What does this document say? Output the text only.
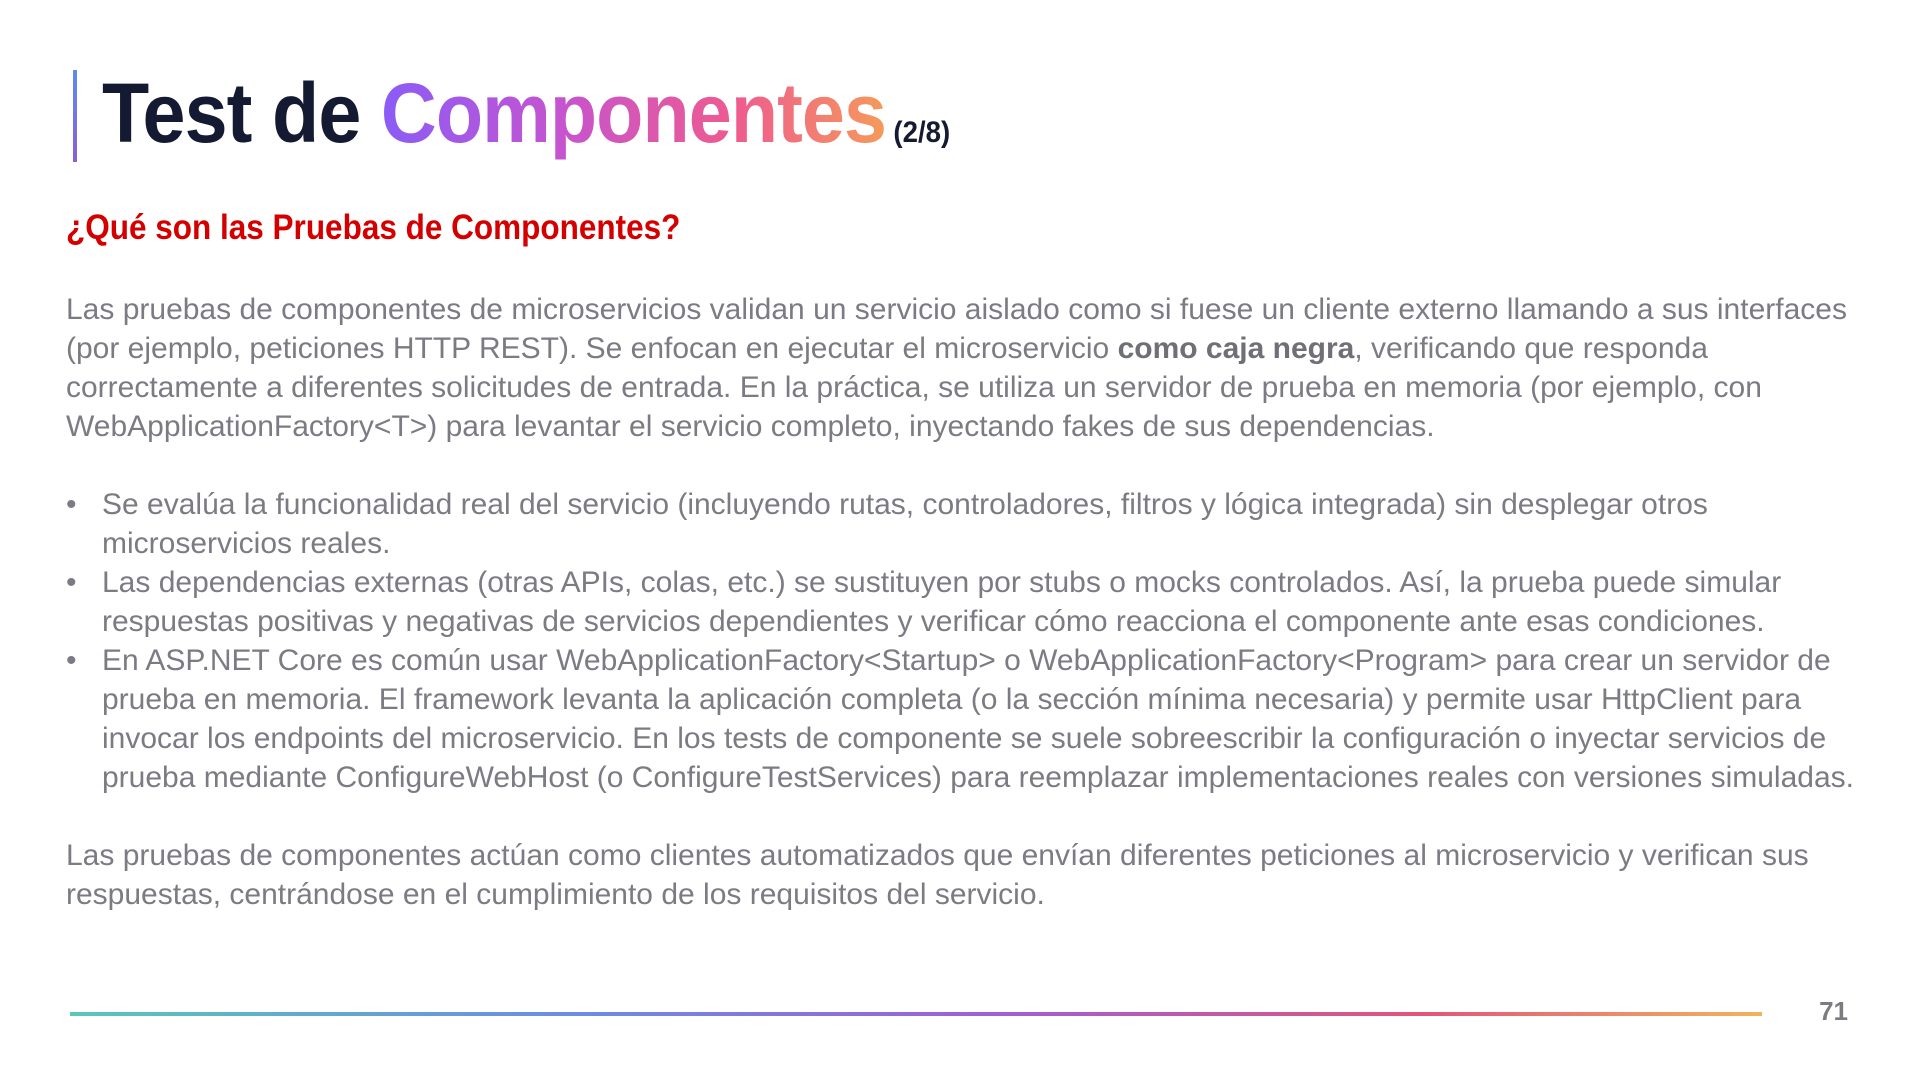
Test de Componentes (2/8)
¿Qué son las Pruebas de Componentes?

Las pruebas de componentes de microservicios validan un servicio aislado como si fuese un cliente externo llamando a sus interfaces (por ejemplo, peticiones HTTP REST). Se enfocan en ejecutar el microservicio como caja negra, verificando que responda correctamente a diferentes solicitudes de entrada. En la práctica, se utiliza un servidor de prueba en memoria (por ejemplo, con WebApplicationFactory<T>) para levantar el servicio completo, inyectando fakes de sus dependencias.

• Se evalúa la funcionalidad real del servicio (incluyendo rutas, controladores, filtros y lógica integrada) sin desplegar otros microservicios reales.
• Las dependencias externas (otras APIs, colas, etc.) se sustituyen por stubs o mocks controlados. Así, la prueba puede simular respuestas positivas y negativas de servicios dependientes y verificar cómo reacciona el componente ante esas condiciones.
• En ASP.NET Core es común usar WebApplicationFactory<Startup> o WebApplicationFactory<Program> para crear un servidor de prueba en memoria. El framework levanta la aplicación completa (o la sección mínima necesaria) y permite usar HttpClient para invocar los endpoints del microservicio. En los tests de componente se suele sobreescribir la configuración o inyectar servicios de prueba mediante ConfigureWebHost (o ConfigureTestServices) para reemplazar implementaciones reales con versiones simuladas.

Las pruebas de componentes actúan como clientes automatizados que envían diferentes peticiones al microservicio y verifican sus respuestas, centrándose en el cumplimiento de los requisitos del servicio.

71
